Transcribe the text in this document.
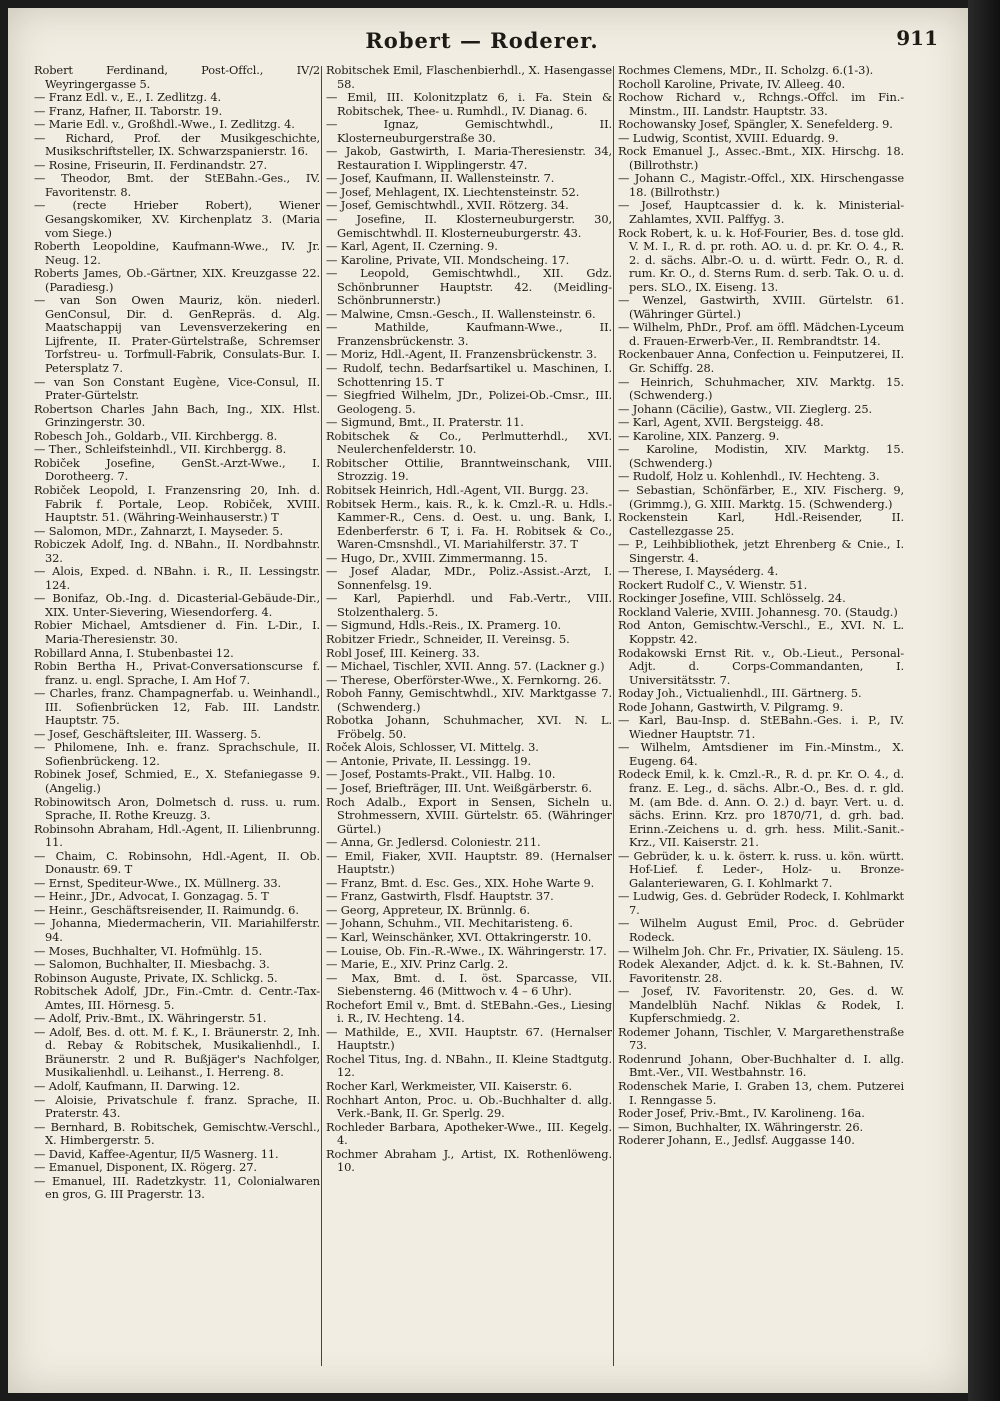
Robert — Roderer.	911

Robert Ferdinand, Post-Offcl., IV/2 Weyringergasse 5.

— Franz Edl. v., E., I. Zedlitzg. 4.

— Franz, Hafner, II. Taborstr. 19.

— Marie Edl. v., Großhdl.-Wwe., I. Zedlitzg. 4.

— Richard, Prof. der Musikgeschichte, Musikschriftsteller, IX. Schwarzspanierstr. 16.

— Rosine, Friseurin, II. Ferdinandstr. 27.

— Theodor, Bmt. der StEBahn.-Ges., IV. Favoritenstr. 8.

— (recte Hrieber Robert), Wiener Gesangskomiker, XV. Kirchenplatz 3. (Maria vom Siege.)

Roberth Leopoldine, Kaufmann-Wwe., IV. Jr. Neug. 12.

Roberts James, Ob.-Gärtner, XIX. Kreuzgasse 22. (Paradiesg.)

— van Son Owen Mauriz, kön. niederl. GenConsul, Dir. d. GenRepräs. d. Alg. Maatschappij van Levensverzekering en Lijfrente, II. Prater-Gürtelstraße, Schremser Torfstreu- u. Torfmull-Fabrik, Consulats-Bur. I. Petersplatz 7.

— van Son Constant Eugène, Vice-Consul, II. Prater-Gürtelstr.

Robertson Charles Jahn Bach, Ing., XIX. Hlst. Grinzingerstr. 30.

Robesch Joh., Goldarb., VII. Kirchbergg. 8.

— Ther., Schleifsteinhdl., VII. Kirchbergg. 8.

Robiček Josefine, GenSt.-Arzt-Wwe., I. Dorotheerg. 7.

Robiček Leopold, I. Franzensring 20, Inh. d. Fabrik f. Portale, Leop. Robiček, XVIII. Hauptstr. 51. (Währing-Weinhauserstr.) T

— Salomon, MDr., Zahnarzt, I. Mayseder. 5.

Robiczek Adolf, Ing. d. NBahn., II. Nordbahnstr. 32.

— Alois, Exped. d. NBahn. i. R., II. Lessingstr. 124.

— Bonifaz, Ob.-Ing. d. Dicasterial-Gebäude-Dir., XIX. Unter-Sievering, Wiesendorferg. 4.

Robier Michael, Amtsdiener d. Fin. L-Dir., I. Maria-Theresienstr. 30.

Robillard Anna, I. Stubenbastei 12.

Robin Bertha H., Privat-Conversationscurse f. franz. u. engl. Sprache, I. Am Hof 7.

— Charles, franz. Champagnerfab. u. Weinhandl., III. Sofienbrücken 12, Fab. III. Landstr. Hauptstr. 75.

— Josef, Geschäftsleiter, III. Wasserg. 5.

— Philomene, Inh. e. franz. Sprachschule, II. Sofienbrückeng. 12.

Robinek Josef, Schmied, E., X. Stefaniegasse 9. (Angelig.)

Robinowitsch Aron, Dolmetsch d. russ. u. rum. Sprache, II. Rothe Kreuzg. 3.

Robinsohn Abraham, Hdl.-Agent, II. Lilienbrunng. 11.

— Chaim, C. Robinsohn, Hdl.-Agent, II. Ob. Donaustr. 69. T

— Ernst, Spediteur-Wwe., IX. Müllnerg. 33.

— Heinr., JDr., Advocat, I. Gonzagag. 5. T

— Heinr., Geschäftsreisender, II. Raimundg. 6.

— Johanna, Miedermacherin, VII. Mariahilferstr. 94.

— Moses, Buchhalter, VI. Hofmühlg. 15.

— Salomon, Buchhalter, II. Miesbachg. 3.

Robinson Auguste, Private, IX. Schlickg. 5.

Robitschek Adolf, JDr., Fin.-Cmtr. d. Centr.-Tax-Amtes, III. Hörnesg. 5.

— Adolf, Priv.-Bmt., IX. Währingerstr. 51.

— Adolf, Bes. d. ott. M. f. K., I. Bräunerstr. 2, Inh. d. Rebay & Robitschek, Musikalienhdl., I. Bräunerstr. 2 und R. Bußjäger's Nachfolger, Musikalienhdl. u. Leihanst., I. Herreng. 8.

— Adolf, Kaufmann, II. Darwing. 12.

— Aloisie, Privatschule f. franz. Sprache, II. Praterstr. 43.

— Bernhard, B. Robitschek, Gemischtw.-Verschl., X. Himbergerstr. 5.

— David, Kaffee-Agentur, II/5 Wasnerg. 11.

— Emanuel, Disponent, IX. Rögerg. 27.

— Emanuel, III. Radetzkystr. 11, Colonialwaren en gros, G. III Pragerstr. 13.

Robitschek Emil, Flaschenbierhdl., X. Hasengasse 58.

— Emil, III. Kolonitzplatz 6, i. Fa. Stein & Robitschek, Thee- u. Rumhdl., IV. Dianag. 6.

— Ignaz, Gemischtwhdl., II. Klosterneuburgerstraße 30.

— Jakob, Gastwirth, I. Maria-Theresienstr. 34, Restauration I. Wipplingerstr. 47.

— Josef, Kaufmann, II. Wallensteinstr. 7.

— Josef, Mehlagent, IX. Liechtensteinstr. 52.

— Josef, Gemischtwhdl., XVII. Rötzerg. 34.

— Josefine, II. Klosterneuburgerstr. 30, Gemischtwhdl. II. Klosterneuburgerstr. 43.

— Karl, Agent, II. Czerning. 9.

— Karoline, Private, VII. Mondscheing. 17.

— Leopold, Gemischtwhdl., XII. Gdz. Schönbrunner Hauptstr. 42. (Meidling-Schönbrunnerstr.)

— Malwine, Cmsn.-Gesch., II. Wallensteinstr. 6.

— Mathilde, Kaufmann-Wwe., II. Franzensbrückenstr. 3.

— Moriz, Hdl.-Agent, II. Franzensbrückenstr. 3.

— Rudolf, techn. Bedarfsartikel u. Maschinen, I. Schottenring 15. T

— Siegfried Wilhelm, JDr., Polizei-Ob.-Cmsr., III. Geologeng. 5.

— Sigmund, Bmt., II. Praterstr. 11.

Robitschek & Co., Perlmutterhdl., XVI. Neulerchenfelderstr. 10.

Robitscher Ottilie, Branntweinschank, VIII. Strozzig. 19.

Robitsek Heinrich, Hdl.-Agent, VII. Burgg. 23.

Robitsek Herm., kais. R., k. k. Cmzl.-R. u. Hdls.-Kammer-R., Cens. d. Oest. u. ung. Bank, I. Edenberferstr. 6 T, i. Fa. H. Robitsek & Co., Waren-Cmsnshdl., VI. Mariahilferstr. 37. T

— Hugo, Dr., XVIII. Zimmermanng. 15.

— Josef Aladar, MDr., Poliz.-Assist.-Arzt, I. Sonnenfelsg. 19.

— Karl, Papierhdl. und Fab.-Vertr., VIII. Stolzenthalerg. 5.

— Sigmund, Hdls.-Reis., IX. Pramerg. 10.

Robitzer Friedr., Schneider, II. Vereinsg. 5.

Robl Josef, III. Keinerg. 33.

— Michael, Tischler, XVII. Anng. 57. (Lackner g.)

— Therese, Oberförster-Wwe., X. Fernkorng. 26.

Roboh Fanny, Gemischtwhdl., XIV. Marktgasse 7. (Schwenderg.)

Robotka Johann, Schuhmacher, XVI. N. L. Fröbelg. 50.

Roček Alois, Schlosser, VI. Mittelg. 3.

— Antonie, Private, II. Lessingg. 19.

— Josef, Postamts-Prakt., VII. Halbg. 10.

— Josef, Briefträger, III. Unt. Weißgärberstr. 6.

Roch Adalb., Export in Sensen, Sicheln u. Strohmessern, XVIII. Gürtelstr. 65. (Währinger Gürtel.)

— Anna, Gr. Jedlersd. Coloniestr. 211.

— Emil, Fiaker, XVII. Hauptstr. 89. (Hernalser Hauptstr.)

— Franz, Bmt. d. Esc. Ges., XIX. Hohe Warte 9.

— Franz, Gastwirth, Flsdf. Hauptstr. 37.

— Georg, Appreteur, IX. Brünnlg. 6.

— Johann, Schuhm., VII. Mechitaristeng. 6.

— Karl, Weinschänker, XVI. Ottakringerstr. 10.

— Louise, Ob. Fin.-R.-Wwe., IX. Währingerstr. 17.

— Marie, E., XIV. Prinz Carlg. 2.

— Max, Bmt. d. I. öst. Sparcasse, VII. Siebensterng. 46 (Mittwoch v. 4 – 6 Uhr).

Rochefort Emil v., Bmt. d. StEBahn.-Ges., Liesing i. R., IV. Hechteng. 14.

— Mathilde, E., XVII. Hauptstr. 67. (Hernalser Hauptstr.)

Rochel Titus, Ing. d. NBahn., II. Kleine Stadtgutg. 12.

Rocher Karl, Werkmeister, VII. Kaiserstr. 6.

Rochhart Anton, Proc. u. Ob.-Buchhalter d. allg. Verk.-Bank, II. Gr. Sperlg. 29.

Rochleder Barbara, Apotheker-Wwe., III. Kegelg. 4.

Rochmer Abraham J., Artist, IX. Rothenlöweng. 10.

Rochmes Clemens, MDr., II. Scholzg. 6.(1-3).

Rocholl Karoline, Private, IV. Alleeg. 40.

Rochow Richard v., Rchngs.-Offcl. im Fin.-Minstm., III. Landstr. Hauptstr. 33.

Rochowansky Josef, Spängler, X. Senefelderg. 9.

— Ludwig, Scontist, XVIII. Eduardg. 9.

Rock Emanuel J., Assec.-Bmt., XIX. Hirschg. 18. (Billrothstr.)

— Johann C., Magistr.-Offcl., XIX. Hirschengasse 18. (Billrothstr.)

— Josef, Hauptcassier d. k. k. Ministerial-Zahlamtes, XVII. Palffyg. 3.

Rock Robert, k. u. k. Hof-Fourier, Bes. d. tose gld. V. M. I., R. d. pr. roth. AO. u. d. pr. Kr. O. 4., R. 2. d. sächs. Albr.-O. u. d. württ. Fedr. O., R. d. rum. Kr. O., d. Sterns Rum. d. serb. Tak. O. u. d. pers. SLO., IX. Eiseng. 13.

— Wenzel, Gastwirth, XVIII. Gürtelstr. 61. (Währinger Gürtel.)

— Wilhelm, PhDr., Prof. am öffl. Mädchen-Lyceum d. Frauen-Erwerb-Ver., II. Rembrandtstr. 14.

Rockenbauer Anna, Confection u. Feinputzerei, II. Gr. Schiffg. 28.

— Heinrich, Schuhmacher, XIV. Marktg. 15. (Schwenderg.)

— Johann (Cäcilie), Gastw., VII. Zieglerg. 25.

— Karl, Agent, XVII. Bergsteigg. 48.

— Karoline, XIX. Panzerg. 9.

— Karoline, Modistin, XIV. Marktg. 15. (Schwenderg.)

— Rudolf, Holz u. Kohlenhdl., IV. Hechteng. 3.

— Sebastian, Schönfärber, E., XIV. Fischerg. 9, (Grimmg.), G. XIII. Marktg. 15. (Schwenderg.)

Rockenstein Karl, Hdl.-Reisender, II. Castellezgasse 25.

— P., Leihbibliothek, jetzt Ehrenberg & Cnie., I. Singerstr. 4.

— Therese, I. Mayséderg. 4.

Rockert Rudolf C., V. Wienstr. 51.

Rockinger Josefine, VIII. Schlösselg. 24.

Rockland Valerie, XVIII. Johannesg. 70. (Staudg.)

Rod Anton, Gemischtw.-Verschl., E., XVI. N. L. Koppstr. 42.

Rodakowski Ernst Rit. v., Ob.-Lieut., Personal-Adjt. d. Corps-Commandanten, I. Universitätsstr. 7.

Roday Joh., Victualienhdl., III. Gärtnerg. 5.

Rode Johann, Gastwirth, V. Pilgramg. 9.

— Karl, Bau-Insp. d. StEBahn.-Ges. i. P., IV. Wiedner Hauptstr. 71.

— Wilhelm, Amtsdiener im Fin.-Minstm., X. Eugeng. 64.

Rodeck Emil, k. k. Cmzl.-R., R. d. pr. Kr. O. 4., d. franz. E. Leg., d. sächs. Albr.-O., Bes. d. r. gld. M. (am Bde. d. Ann. O. 2.) d. bayr. Vert. u. d. sächs. Erinn. Krz. pro 1870/71, d. grh. bad. Erinn.-Zeichens u. d. grh. hess. Milit.-Sanit.-Krz., VII. Kaiserstr. 21.

— Gebrüder, k. u. k. österr. k. russ. u. kön. württ. Hof-Lief. f. Leder-, Holz- u. Bronze-Galanteriewaren, G. I. Kohlmarkt 7.

— Ludwig, Ges. d. Gebrüder Rodeck, I. Kohlmarkt 7.

— Wilhelm August Emil, Proc. d. Gebrüder Rodeck.

— Wilhelm Joh. Chr. Fr., Privatier, IX. Säuleng. 15.

Rodek Alexander, Adjct. d. k. k. St.-Bahnen, IV. Favoritenstr. 28.

— Josef, IV. Favoritenstr. 20, Ges. d. W. Mandelblüh Nachf. Niklas & Rodek, I. Kupferschmiedg. 2.

Rodemer Johann, Tischler, V. Margarethenstraße 73.

Rodenrund Johann, Ober-Buchhalter d. I. allg. Bmt.-Ver., VII. Westbahnstr. 16.

Rodenschek Marie, I. Graben 13, chem. Putzerei I. Renngasse 5.

Roder Josef, Priv.-Bmt., IV. Karolineng. 16a.

— Simon, Buchhalter, IX. Währingerstr. 26.

Roderer Johann, E., Jedlsf. Auggasse 140.
